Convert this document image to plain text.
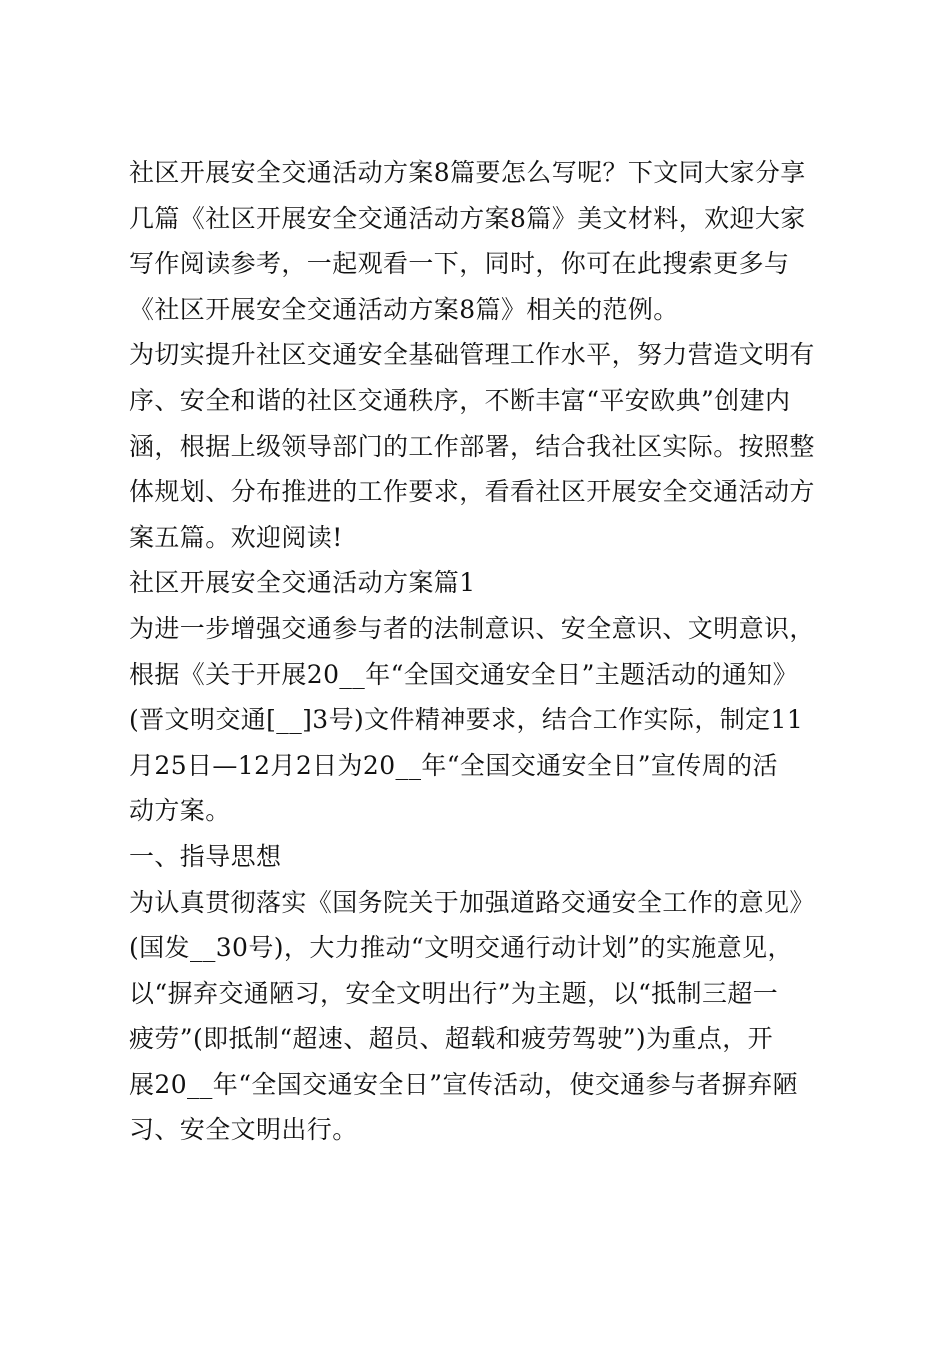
社区开展安全交通活动方案8篇要怎么写呢？下文同大家分享
几篇《社区开展安全交通活动方案8篇》美文材料，欢迎大家
写作阅读参考，一起观看一下，同时，你可在此搜索更多与
《社区开展安全交通活动方案8篇》相关的范例。
为切实提升社区交通安全基础管理工作水平，努力营造文明有
序、安全和谐的社区交通秩序，不断丰富“平安欧典”创建内
涵，根据上级领导部门的工作部署，结合我社区实际。按照整
体规划、分布推进的工作要求，看看社区开展安全交通活动方
案五篇。欢迎阅读!
社区开展安全交通活动方案篇1
为进一步增强交通参与者的法制意识、安全意识、文明意识，
根据《关于开展20__年“全国交通安全日”主题活动的通知》
(晋文明交通[__]3号)文件精神要求，结合工作实际，制定11
月25日—12月2日为20__年“全国交通安全日”宣传周的活
动方案。
一、指导思想
为认真贯彻落实《国务院关于加强道路交通安全工作的意见》
(国发__30号)，大力推动“文明交通行动计划”的实施意见，
以“摒弃交通陋习，安全文明出行”为主题，以“抵制三超一
疲劳”(即抵制“超速、超员、超载和疲劳驾驶”)为重点，开
展20__年“全国交通安全日”宣传活动，使交通参与者摒弃陋
习、安全文明出行。
